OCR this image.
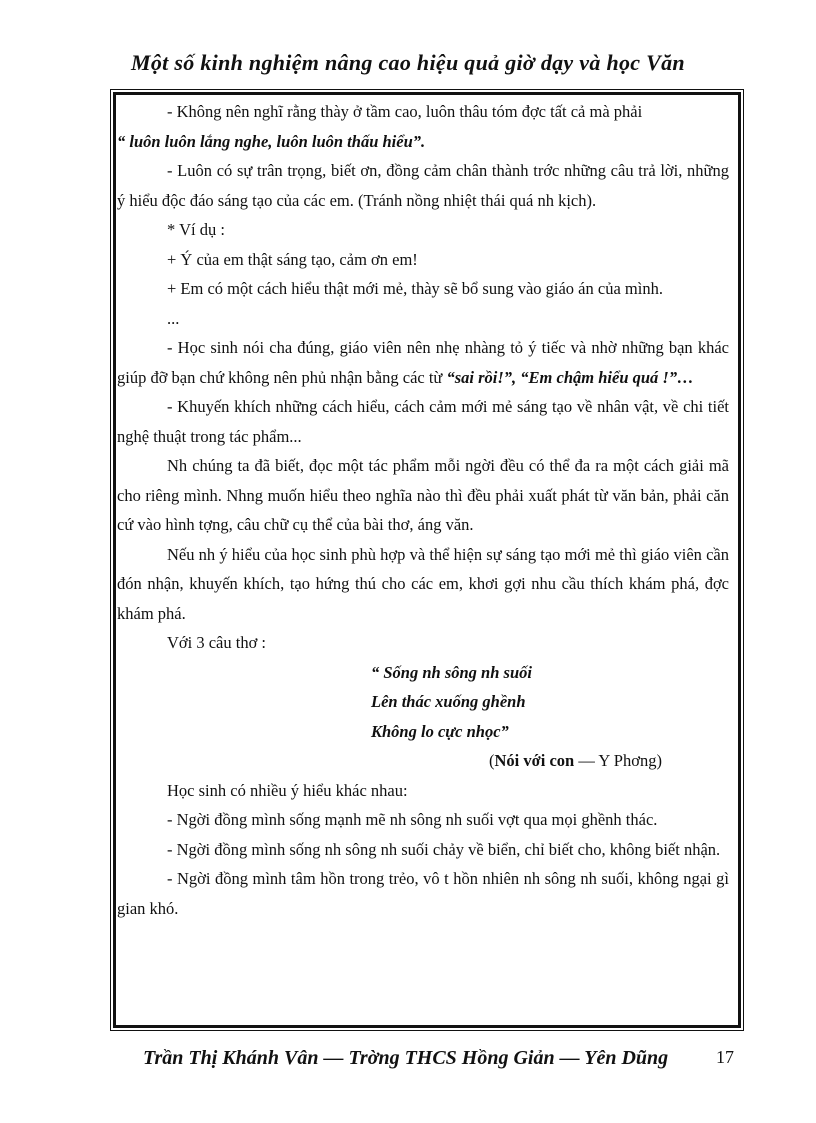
Một số kinh nghiệm nâng cao hiệu quả giờ dạy và học Văn

- Không nên nghĩ rằng thày ở tầm cao, luôn thâu tóm đợc tất cả mà phải

“ luôn luôn lắng nghe, luôn luôn thấu hiểu”.

- Luôn có sự trân trọng, biết ơn, đồng cảm chân thành trớc những câu trả lời, những ý hiểu độc đáo sáng tạo của các em. (Tránh nồng nhiệt thái quá nh kịch).

* Ví dụ :

+ Ý của em thật sáng tạo, cảm ơn em!

+ Em có một cách hiểu thật mới mẻ, thày sẽ bổ sung vào giáo án của mình.

...

- Học sinh nói cha đúng, giáo viên nên nhẹ nhàng tỏ ý tiếc và nhờ những bạn khác giúp đỡ bạn chứ không nên phủ nhận bằng các từ “sai rồi!”, “Em chậm hiểu quá !”…

- Khuyến khích những cách hiểu, cách cảm mới mẻ sáng tạo về nhân vật, về chi tiết nghệ thuật trong tác phẩm...

Nh chúng ta đã biết, đọc một tác phẩm mỗi ngời đều có thể đa ra một cách giải mã cho riêng mình. Nhng muốn hiểu theo nghĩa nào thì đều phải xuất phát từ văn bản, phải căn cứ vào hình tợng, câu chữ cụ thể của bài thơ, áng văn.

Nếu nh ý hiểu của học sinh phù hợp và thể hiện sự sáng tạo mới mẻ thì giáo viên cần đón nhận, khuyến khích, tạo hứng thú cho các em, khơi gợi nhu cầu thích khám phá, đợc khám phá.

Với 3 câu thơ :

“ Sống nh sông nh suối

Lên thác xuống ghềnh

Không lo cực nhọc”

(Nói với con — Y Phơng)

Học sinh có nhiều ý hiểu khác nhau:

- Ngời đồng mình sống mạnh mẽ nh sông nh suối vợt qua mọi ghềnh thác.

- Ngời đồng mình sống nh sông nh suối chảy về biển, chỉ biết cho, không biết nhận.

- Ngời đồng mình tâm hồn trong trẻo, vô t hồn nhiên nh sông nh suối, không ngại gì gian khó.

Trần Thị Khánh Vân — Trờng THCS Hồng Giản — Yên Dũng	17
